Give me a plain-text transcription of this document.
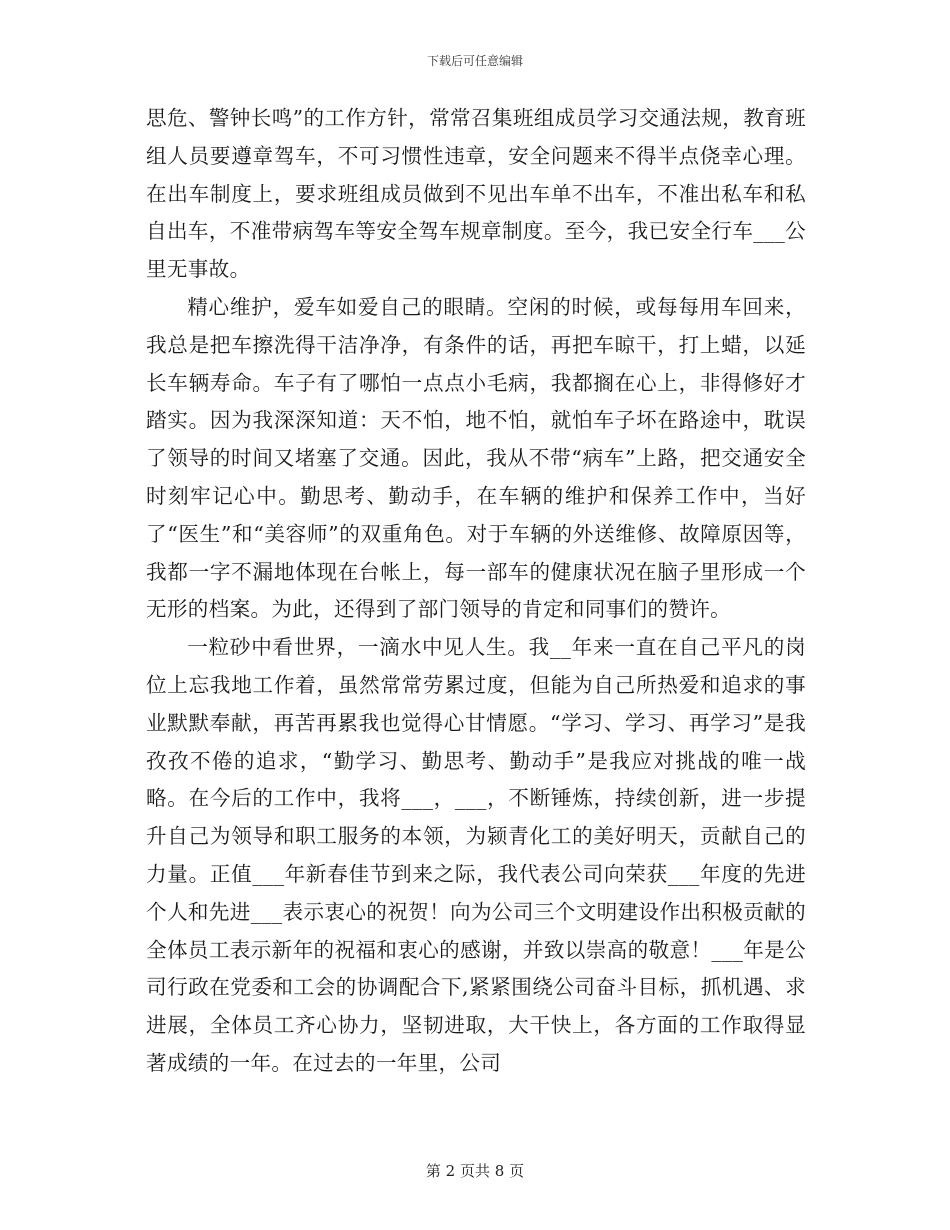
下载后可任意编辑

思危、警钟长鸣”的工作方针，常常召集班组成员学习交通法规，教育班组人员要遵章驾车，不可习惯性违章，安全问题来不得半点侥幸心理。在出车制度上，要求班组成员做到不见出车单不出车，不准出私车和私自出车，不准带病驾车等安全驾车规章制度。至今，我已安全行车___公里无事故。

精心维护，爱车如爱自己的眼睛。空闲的时候，或每每用车回来，我总是把车擦洗得干洁净净，有条件的话，再把车晾干，打上蜡，以延长车辆寿命。车子有了哪怕一点点小毛病，我都搁在心上，非得修好才踏实。因为我深深知道：天不怕，地不怕，就怕车子坏在路途中，耽误了领导的时间又堵塞了交通。因此，我从不带“病车”上路，把交通安全时刻牢记心中。勤思考、勤动手，在车辆的维护和保养工作中，当好了“医生”和“美容师”的双重角色。对于车辆的外送维修、故障原因等，我都一字不漏地体现在台帐上，每一部车的健康状况在脑子里形成一个无形的档案。为此，还得到了部门领导的肯定和同事们的赞许。

一粒砂中看世界，一滴水中见人生。我__年来一直在自己平凡的岗位上忘我地工作着，虽然常常劳累过度，但能为自己所热爱和追求的事业默默奉献，再苦再累我也觉得心甘情愿。“学习、学习、再学习”是我孜孜不倦的追求，“勤学习、勤思考、勤动手”是我应对挑战的唯一战略。在今后的工作中，我将___，___，不断锤炼，持续创新，进一步提升自己为领导和职工服务的本领，为颍青化工的美好明天，贡献自己的力量。正值___年新春佳节到来之际，我代表公司向荣获___年度的先进个人和先进___表示衷心的祝贺！向为公司三个文明建设作出积极贡献的全体员工表示新年的祝福和衷心的感谢，并致以崇高的敬意！___年是公司行政在党委和工会的协调配合下,紧紧围绕公司奋斗目标，抓机遇、求进展，全体员工齐心协力，坚韧进取，大干快上，各方面的工作取得显著成绩的一年。在过去的一年里，公司

第 2 页共 8 页
